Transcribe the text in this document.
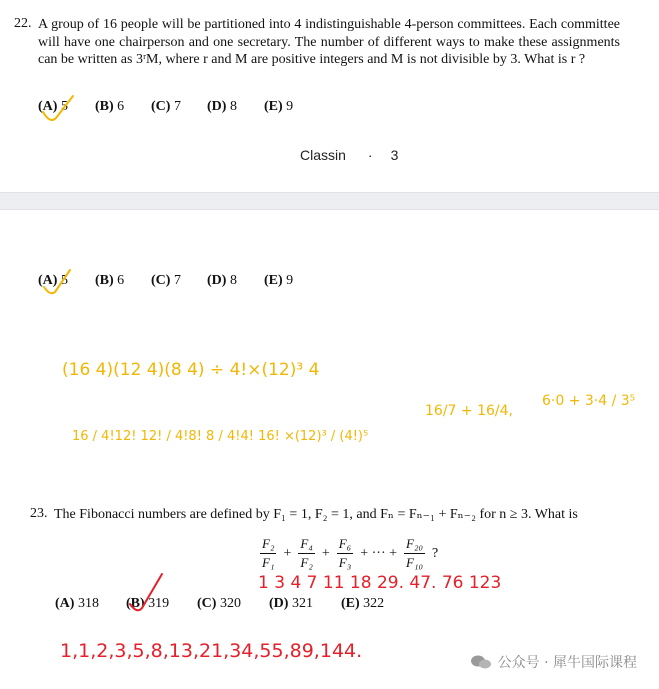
22. A group of 16 people will be partitioned into 4 indistinguishable 4-person committees. Each committee will have one chairperson and one secretary. The number of different ways to make these assignments can be written as 3ʳM, where r and M are positive integers and M is not divisible by 3. What is r ?
(A) 5	(B) 6	(C) 7	(D) 8	(E) 9
Classin · 3
(A) 5	(B) 6	(C) 7	(D) 8	(E) 9
23. The Fibonacci numbers are defined by F₁ = 1, F₂ = 1, and Fₙ = Fₙ₋₁ + Fₙ₋₂ for n ≥ 3. What is
$\frac{\text{F₂}}{\text{F₁}} + \frac{\text{F₄}}{\text{F₂}} + \frac{\text{F₆}}{\text{F₃}}$ + ··· + $\frac{\text{F₂₀}}{\text{F₁₀}}$ ?
(A) 318	(B) 319	(C) 320	(D) 321	(E) 322
(16 4)(12 4)(8 4) ÷ 4!×(12)³ 4
16 / 4!12! 12! / 4!8! 8 / 4!4! 16! ×(12)³ / (4!)⁵
16/7 + 16/4,
6·0 + 3·4 / 3⁵
1 3 4 7 11 18 29. 47. 76 123
1,1,2,3,5,8,13,21,34,55,89,144.
公众号 · 犀牛国际课程
